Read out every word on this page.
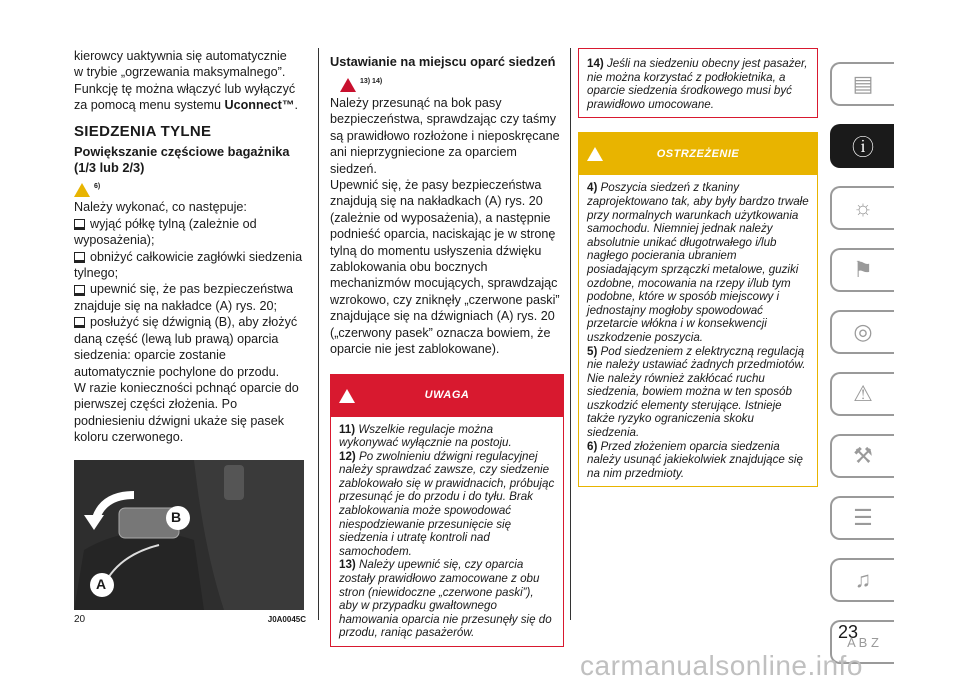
kierowcy uaktywnia się automatycznie
w trybie „ogrzewania maksymalnego”.
Funkcję tę można włączyć lub wyłączyć
za pomocą menu systemu Uconnect™.

SIEDZENIA TYLNE
Powiększanie częściowe bagażnika (1/3 lub 2/3)
$^{6)}$

Należy wykonać, co następuje:

wyjąć półkę tylną (zależnie od wyposażenia);

obniżyć całkowicie zagłówki siedzenia tylnego;

upewnić się, że pas bezpieczeństwa znajduje się na nakładce (A) rys. 20;

posłużyć się dźwignią (B), aby złożyć daną część (lewą lub prawą) oparcia siedzenia: oparcie zostanie automatycznie pochylone do przodu.

W razie konieczności pchnąć oparcie do pierwszej części złożenia. Po podniesieniu dźwigni ukaże się pasek koloru czerwonego.

B
A
20	J0A0045C
Ustawianie na miejscu oparć siedzeń
$^{13) 14)}$

Należy przesunąć na bok pasy bezpieczeństwa, sprawdzając czy taśmy są prawidłowo rozłożone i nieposkręcane ani nieprzygniecione za oparciem siedzeń.

Upewnić się, że pasy bezpieczeństwa znajdują się na nakładkach (A) rys. 20 (zależnie od wyposażenia), a następnie podnieść oparcia, naciskając je w stronę tylną do momentu usłyszenia dźwięku zablokowania obu bocznych mechanizmów mocujących, sprawdzając wzrokowo, czy zniknęły „czerwone paski” znajdujące się na dźwigniach (A) rys. 20 („czerwony pasek” oznacza bowiem, że oparcie nie jest zablokowane).

UWAGA

11) Wszelkie regulacje można wykonywać wyłącznie na postoju.

12) Po zwolnieniu dźwigni regulacyjnej należy sprawdzać zawsze, czy siedzenie zablokowało się w prawidnacich, próbując przesunąć je do przodu i do tyłu. Brak zablokowania może spowodować niespodziewanie przesunięcie się siedzenia i utratę kontroli nad samochodem.

13) Należy upewnić się, czy oparcia zostały prawidłowo zamocowane z obu stron (niewidoczne „czerwone paski”), aby w przypadku gwałtownego hamowania oparcia nie przesunęły się do przodu, raniąc pasażerów.

14) Jeśli na siedzeniu obecny jest pasażer, nie można korzystać z podłokietnika, a oparcie siedzenia środkowego musi być prawidłowo umocowane.

OSTRZEŻENIE

4) Poszycia siedzeń z tkaniny zaprojektowano tak, aby były bardzo trwałe przy normalnych warunkach użytkowania samochodu. Niemniej jednak należy absolutnie unikać długotrwałego i/lub nagłego pocierania ubraniem posiadającym sprzączki metalowe, guziki ozdobne, mocowania na rzepy i/lub tym podobne, które w sposób miejscowy i jednostajny mogłoby spowodować przetarcie włókna i w konsekwencji uszkodzenie poszycia.

5) Pod siedzeniem z elektryczną regulacją nie należy ustawiać żadnych przedmiotów. Nie należy również zakłócać ruchu siedzenia, bowiem można w ten sposób uszkodzić elementy sterujące. Istnieje także ryzyko ograniczenia skoku siedzenia.

6) Przed złożeniem oparcia siedzenia należy usunąć jakiekolwiek znajdujące się na nim przedmioty.

▤
ⓘ
☼
⚑
◎
⚠
⚒
☰
♫
A B Z
23
carmanualsonline.info
